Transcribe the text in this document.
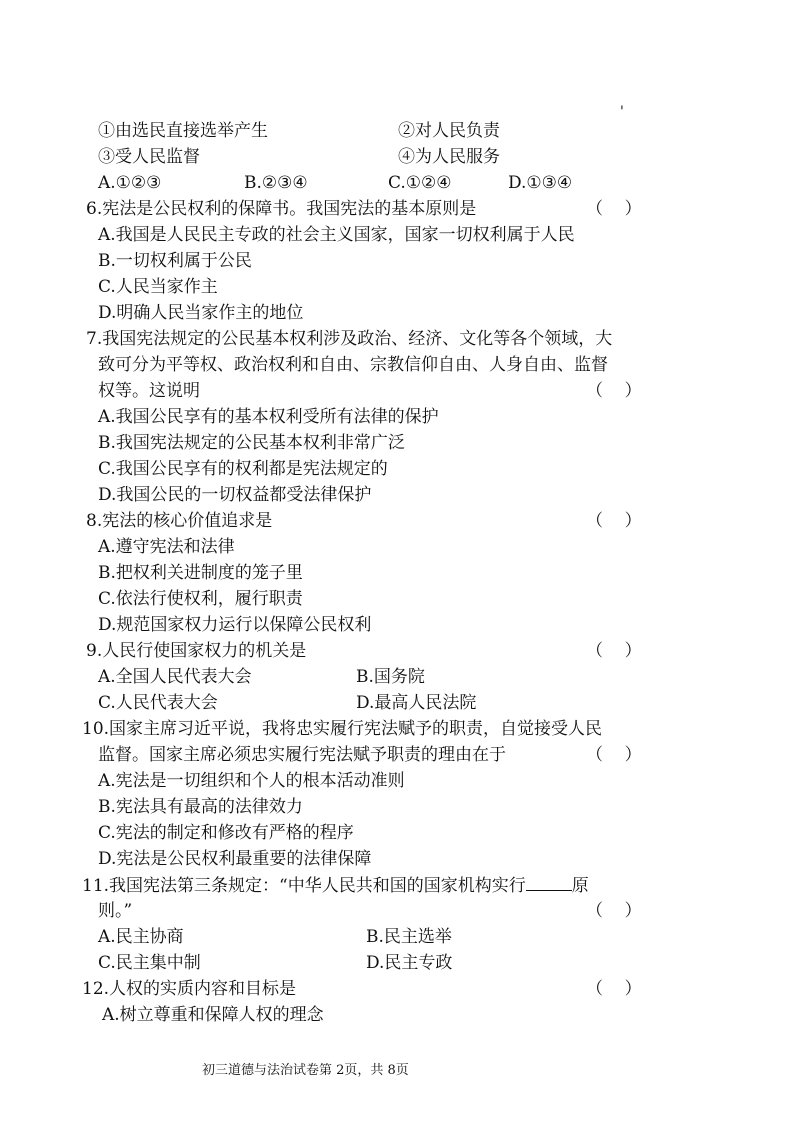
'
①由选民直接选举产生	②对人民负责
③受人民监督	④为人民服务
A.①②③	B.②③④	C.①②④	D.①③④
6.宪法是公民权利的保障书。我国宪法的基本原则是	（    ）
A.我国是人民民主专政的社会主义国家，国家一切权利属于人民
B.一切权利属于公民
C.人民当家作主
D.明确人民当家作主的地位
7.我国宪法规定的公民基本权利涉及政治、经济、文化等各个领域，大
致可分为平等权、政治权利和自由、宗教信仰自由、人身自由、监督
权等。这说明	（    ）
A.我国公民享有的基本权利受所有法律的保护
B.我国宪法规定的公民基本权利非常广泛
C.我国公民享有的权利都是宪法规定的
D.我国公民的一切权益都受法律保护
8.宪法的核心价值追求是	（    ）
A.遵守宪法和法律
B.把权利关进制度的笼子里
C.依法行使权利，履行职责
D.规范国家权力运行以保障公民权利
9.人民行使国家权力的机关是	（    ）
A.全国人民代表大会	B.国务院
C.人民代表大会	D.最高人民法院
10.国家主席习近平说，我将忠实履行宪法赋予的职责，自觉接受人民
监督。国家主席必须忠实履行宪法赋予职责的理由在于	（    ）
A.宪法是一切组织和个人的根本活动准则
B.宪法具有最高的法律效力
C.宪法的制定和修改有严格的程序
D.宪法是公民权利最重要的法律保障
11.我国宪法第三条规定：“中华人民共和国的国家机构实行	原
则。”	（    ）
A.民主协商	B.民主选举
C.民主集中制	D.民主专政
12.人权的实质内容和目标是	（    ）
A.树立尊重和保障人权的理念
初三道德与法治试卷第 2页，共 8页
